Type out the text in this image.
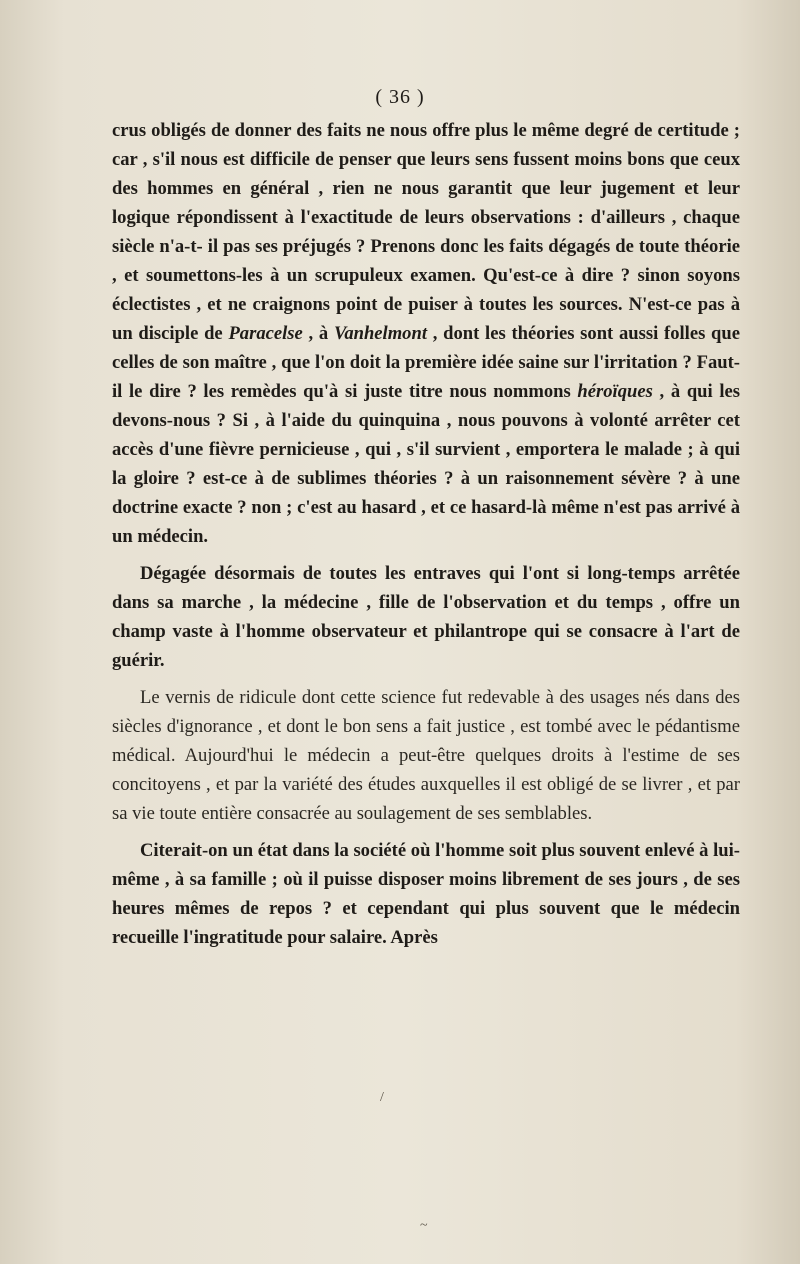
( 36 )

crus obligés de donner des faits ne nous offre plus le même degré de certitude ; car , s'il nous est difficile de penser que leurs sens fussent moins bons que ceux des hommes en général , rien ne nous garantit que leur jugement et leur logique répondissent à l'exactitude de leurs observations : d'ailleurs , chaque siècle n'a-t- il pas ses préjugés ? Prenons donc les faits dégagés de toute théorie , et soumettons-les à un scrupuleux examen. Qu'est-ce à dire ? sinon soyons éclectistes , et ne craignons point de puiser à toutes les sources. N'est-ce pas à un disciple de Paracelse , à Vanhelmont , dont les théories sont aussi folles que celles de son maître , que l'on doit la première idée saine sur l'irritation ? Faut-il le dire ? les remèdes qu'à si juste titre nous nommons héroïques , à qui les devons-nous ? Si , à l'aide du quinquina , nous pouvons à volonté arrêter cet accès d'une fièvre pernicieuse , qui , s'il survient , emportera le malade ; à qui la gloire ? est-ce à de sublimes théories ? à un raisonnement sévère ? à une doctrine exacte ? non ; c'est au hasard , et ce hasard-là même n'est pas arrivé à un médecin.

Dégagée désormais de toutes les entraves qui l'ont si long-temps arrêtée dans sa marche , la médecine , fille de l'observation et du temps , offre un champ vaste à l'homme observateur et philantrope qui se consacre à l'art de guérir.

Le vernis de ridicule dont cette science fut redevable à des usages nés dans des siècles d'ignorance , et dont le bon sens a fait justice , est tombé avec le pédantisme médical. Aujourd'hui le médecin a peut-être quelques droits à l'estime de ses concitoyens , et par la variété des études auxquelles il est obligé de se livrer , et par sa vie toute entière consacrée au soulagement de ses semblables.

Citerait-on un état dans la société où l'homme soit plus souvent enlevé à lui-même , à sa famille ; où il puisse disposer moins librement de ses jours , de ses heures mêmes de repos ? et cependant qui plus souvent que le médecin recueille l'ingratitude pour salaire. Après

/
~
